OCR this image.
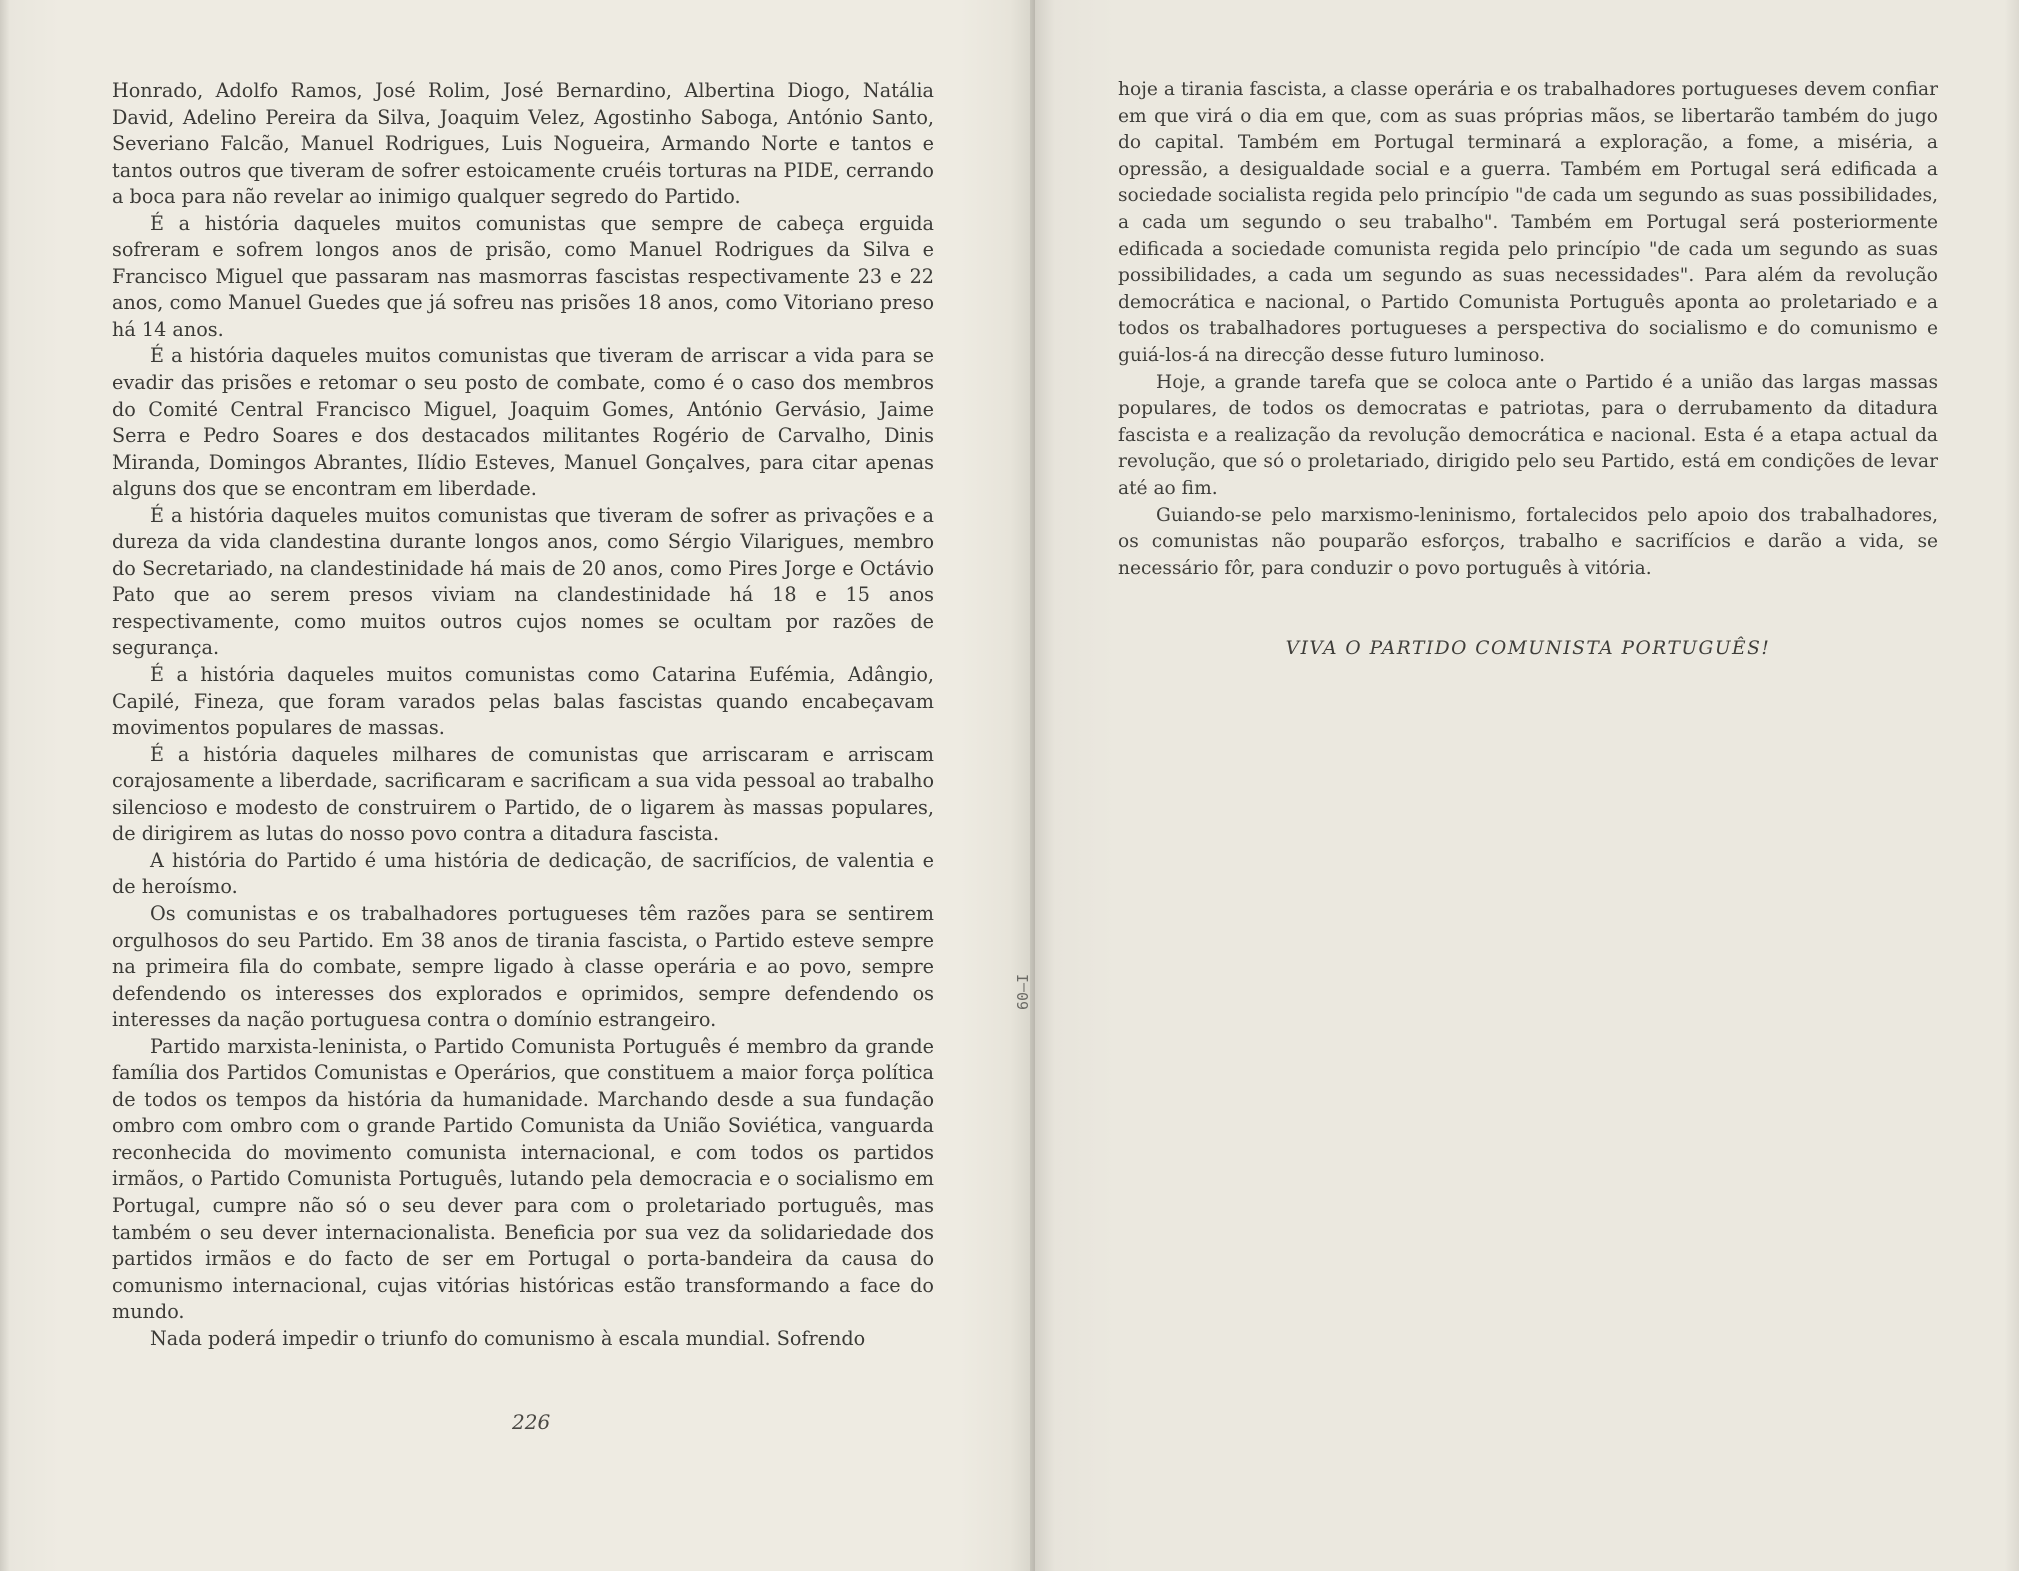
Honrado, Adolfo Ramos, José Rolim, José Bernardino, Albertina Diogo, Natália David, Adelino Pereira da Silva, Joaquim Velez, Agostinho Saboga, António Santo, Severiano Falcão, Manuel Rodrigues, Luis Nogueira, Armando Norte e tantos e tantos outros que tiveram de sofrer estoicamente cruéis torturas na PIDE, cerrando a boca para não revelar ao inimigo qualquer segredo do Partido.

É a história daqueles muitos comunistas que sempre de cabeça erguida sofreram e sofrem longos anos de prisão, como Manuel Rodrigues da Silva e Francisco Miguel que passaram nas masmorras fascistas respectivamente 23 e 22 anos, como Manuel Guedes que já sofreu nas prisões 18 anos, como Vitoriano preso há 14 anos.

É a história daqueles muitos comunistas que tiveram de arriscar a vida para se evadir das prisões e retomar o seu posto de combate, como é o caso dos membros do Comité Central Francisco Miguel, Joaquim Gomes, António Gervásio, Jaime Serra e Pedro Soares e dos destacados militantes Rogério de Carvalho, Dinis Miranda, Domingos Abrantes, Ilídio Esteves, Manuel Gonçalves, para citar apenas alguns dos que se encontram em liberdade.

É a história daqueles muitos comunistas que tiveram de sofrer as privações e a dureza da vida clandestina durante longos anos, como Sérgio Vilarigues, membro do Secretariado, na clandestinidade há mais de 20 anos, como Pires Jorge e Octávio Pato que ao serem presos viviam na clandestinidade há 18 e 15 anos respectivamente, como muitos outros cujos nomes se ocultam por razões de segurança.

É a história daqueles muitos comunistas como Catarina Eufémia, Adângio, Capilé, Fineza, que foram varados pelas balas fascistas quando encabeçavam movimentos populares de massas.

É a história daqueles milhares de comunistas que arriscaram e arriscam corajosamente a liberdade, sacrificaram e sacrificam a sua vida pessoal ao trabalho silencioso e modesto de construirem o Partido, de o ligarem às massas populares, de dirigirem as lutas do nosso povo contra a ditadura fascista.

A história do Partido é uma história de dedicação, de sacrifícios, de valentia e de heroísmo.

Os comunistas e os trabalhadores portugueses têm razões para se sentirem orgulhosos do seu Partido. Em 38 anos de tirania fascista, o Partido esteve sempre na primeira fila do combate, sempre ligado à classe operária e ao povo, sempre defendendo os interesses dos explorados e oprimidos, sempre defendendo os interesses da nação portuguesa contra o domínio estrangeiro.

Partido marxista-leninista, o Partido Comunista Português é membro da grande família dos Partidos Comunistas e Operários, que constituem a maior força política de todos os tempos da história da humanidade. Marchando desde a sua fundação ombro com ombro com o grande Partido Comunista da União Soviética, vanguarda reconhecida do movimento comunista internacional, e com todos os partidos irmãos, o Partido Comunista Português, lutando pela democracia e o socialismo em Portugal, cumpre não só o seu dever para com o proletariado português, mas também o seu dever internacionalista. Beneficia por sua vez da solidariedade dos partidos irmãos e do facto de ser em Portugal o porta-bandeira da causa do comunismo internacional, cujas vitórias históricas estão transformando a face do mundo.

Nada poderá impedir o triunfo do comunismo à escala mundial. Sofrendo

226
60—I

hoje a tirania fascista, a classe operária e os trabalhadores portugueses devem confiar em que virá o dia em que, com as suas próprias mãos, se libertarão também do jugo do capital. Também em Portugal terminará a exploração, a fome, a miséria, a opressão, a desigualdade social e a guerra. Também em Portugal será edificada a sociedade socialista regida pelo princípio "de cada um segundo as suas possibilidades, a cada um segundo o seu trabalho". Também em Portugal será posteriormente edificada a sociedade comunista regida pelo princípio "de cada um segundo as suas possibilidades, a cada um segundo as suas necessidades". Para além da revolução democrática e nacional, o Partido Comunista Português aponta ao proletariado e a todos os trabalhadores portugueses a perspectiva do socialismo e do comunismo e guiá-los-á na direcção desse futuro luminoso.

Hoje, a grande tarefa que se coloca ante o Partido é a união das largas massas populares, de todos os democratas e patriotas, para o derrubamento da ditadura fascista e a realização da revolução democrática e nacional. Esta é a etapa actual da revolução, que só o proletariado, dirigido pelo seu Partido, está em condições de levar até ao fim.

Guiando-se pelo marxismo-leninismo, fortalecidos pelo apoio dos trabalhadores, os comunistas não pouparão esforços, trabalho e sacrifícios e darão a vida, se necessário fôr, para conduzir o povo português à vitória.

VIVA O PARTIDO COMUNISTA PORTUGUÊS!
